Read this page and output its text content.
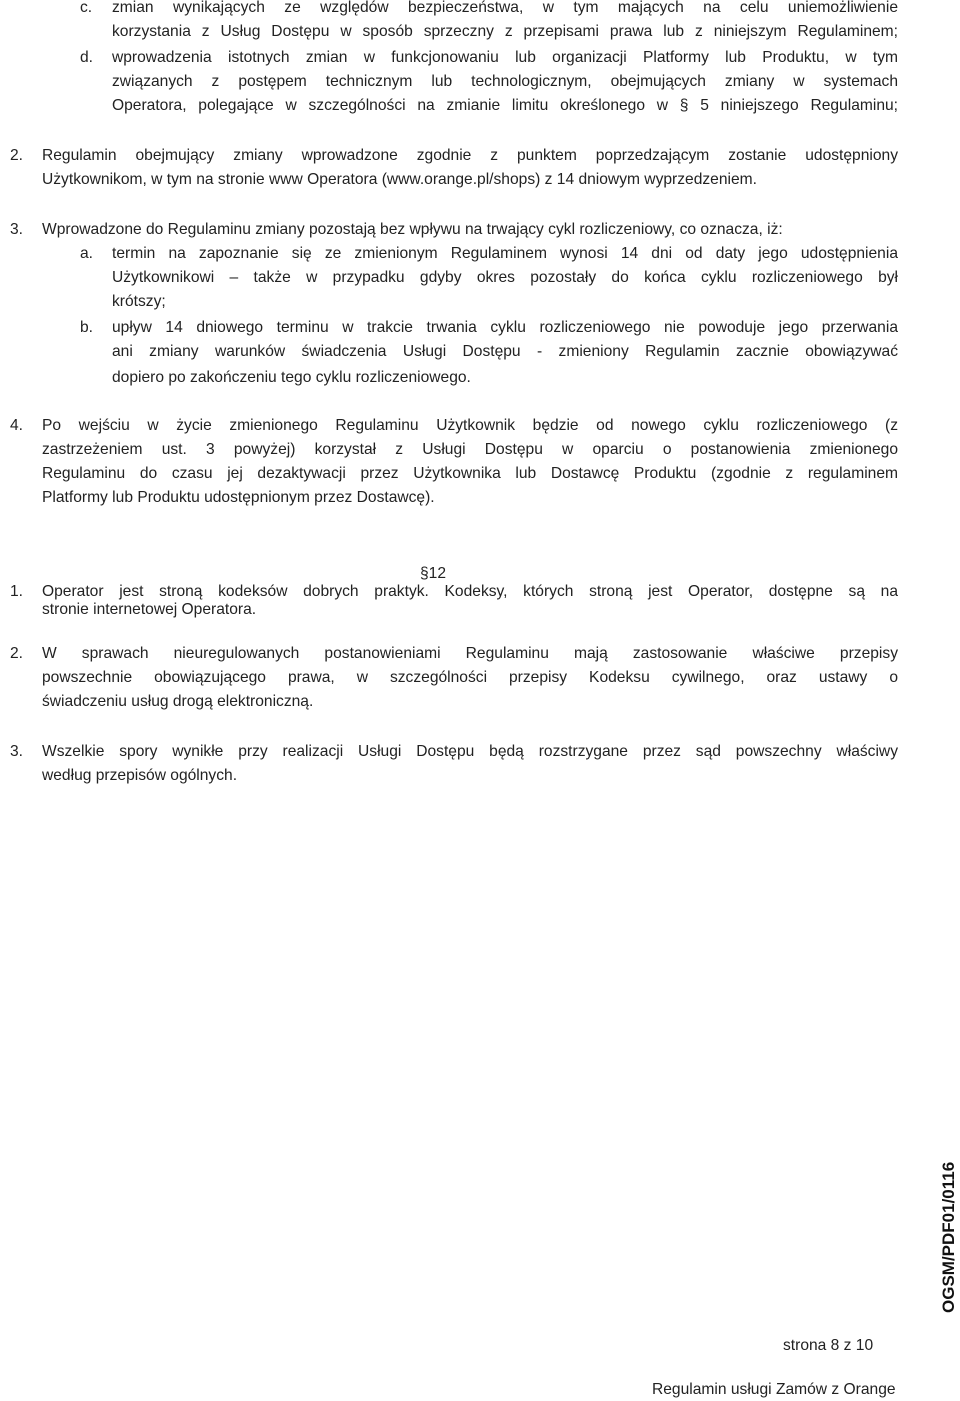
c. zmian wynikających ze względów bezpieczeństwa, w tym mających na celu uniemożliwienie
korzystania z Usług Dostępu w sposób sprzeczny z przepisami prawa lub z niniejszym Regulaminem;
d. wprowadzenia istotnych zmian w funkcjonowaniu lub organizacji Platformy lub Produktu, w tym
związanych z postępem technicznym lub technologicznym, obejmujących zmiany w systemach
Operatora, polegające w szczególności na zmianie limitu określonego w § 5 niniejszego Regulaminu;
2. Regulamin obejmujący zmiany wprowadzone zgodnie z punktem poprzedzającym zostanie udostępniony
Użytkownikom, w tym na stronie www Operatora (www.orange.pl/shops) z 14 dniowym wyprzedzeniem.
3. Wprowadzone do Regulaminu zmiany pozostają bez wpływu na trwający cykl rozliczeniowy, co oznacza, iż:
a. termin na zapoznanie się ze zmienionym Regulaminem wynosi 14 dni od daty jego udostępnienia
Użytkownikowi – także w przypadku gdyby okres pozostały do końca cyklu rozliczeniowego był
krótszy;
b. upływ 14 dniowego terminu w trakcie trwania cyklu rozliczeniowego nie powoduje jego przerwania
ani zmiany warunków świadczenia Usługi Dostępu - zmieniony Regulamin zacznie obowiązywać
dopiero po zakończeniu tego cyklu rozliczeniowego.
4. Po wejściu w życie zmienionego Regulaminu Użytkownik będzie od nowego cyklu rozliczeniowego (z
zastrzeżeniem ust. 3 powyżej) korzystał z Usługi Dostępu w oparciu o postanowienia zmienionego
Regulaminu do czasu jej dezaktywacji przez Użytkownika lub Dostawcę Produktu (zgodnie z regulaminem
Platformy lub Produktu udostępnionym przez Dostawcę).
§12
1. Operator jest stroną kodeksów dobrych praktyk. Kodeksy, których stroną jest Operator, dostępne są na
stronie internetowej Operatora.
2. W sprawach nieuregulowanych postanowieniami Regulaminu mają zastosowanie właściwe przepisy
powszechnie obowiązującego prawa, w szczególności przepisy Kodeksu cywilnego, oraz ustawy o
świadczeniu usług drogą elektroniczną.
3. Wszelkie spory wynikłe przy realizacji Usługi Dostępu będą rozstrzygane przez sąd powszechny właściwy
według przepisów ogólnych.
OGSM/PDF01/0116
strona 8 z 10
Regulamin usługi Zamów z Orange
